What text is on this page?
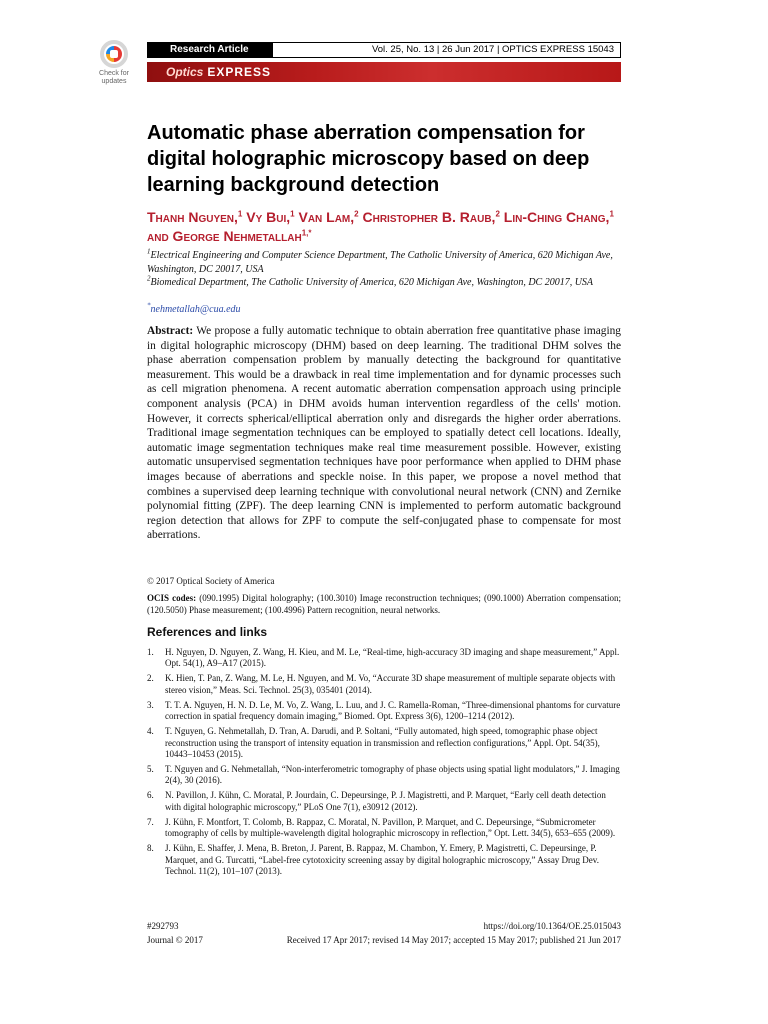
Check for
updates
Research Article	Vol. 25, No. 13 | 26 Jun 2017 | OPTICS EXPRESS 15043
Optics EXPRESS
Automatic phase aberration compensation for digital holographic microscopy based on deep learning background detection
Thanh Nguyen,$^1$ Vy Bui,$^1$ Van Lam,$^2$ Christopher B. Raub,$^2$ Lin-Ching Chang,$^1$ and George Nehmetallah$^{1,*}$
$^1$Electrical Engineering and Computer Science Department, The Catholic University of America, 620 Michigan Ave, Washington, DC 20017, USA
$^2$Biomedical Department, The Catholic University of America, 620 Michigan Ave, Washington, DC 20017, USA
*nehmetallah@cua.edu

Abstract: We propose a fully automatic technique to obtain aberration free quantitative phase imaging in digital holographic microscopy (DHM) based on deep learning. The traditional DHM solves the phase aberration compensation problem by manually detecting the background for quantitative measurement. This would be a drawback in real time implementation and for dynamic processes such as cell migration phenomena. A recent automatic aberration compensation approach using principle component analysis (PCA) in DHM avoids human intervention regardless of the cells' motion. However, it corrects spherical/elliptical aberration only and disregards the higher order aberrations. Traditional image segmentation techniques can be employed to spatially detect cell locations. Ideally, automatic image segmentation techniques make real time measurement possible. However, existing automatic unsupervised segmentation techniques have poor performance when applied to DHM phase images because of aberrations and speckle noise. In this paper, we propose a novel method that combines a supervised deep learning technique with convolutional neural network (CNN) and Zernike polynomial fitting (ZPF). The deep learning CNN is implemented to perform automatic background region detection that allows for ZPF to compute the self-conjugated phase to compensate for most aberrations.

© 2017 Optical Society of America
OCIS codes: (090.1995) Digital holography; (100.3010) Image reconstruction techniques; (090.1000) Aberration compensation; (120.5050) Phase measurement; (100.4996) Pattern recognition, neural networks.
References and links
1. H. Nguyen, D. Nguyen, Z. Wang, H. Kieu, and M. Le, “Real-time, high-accuracy 3D imaging and shape measurement,” Appl. Opt. 54(1), A9–A17 (2015).
2. K. Hien, T. Pan, Z. Wang, M. Le, H. Nguyen, and M. Vo, “Accurate 3D shape measurement of multiple separate objects with stereo vision,” Meas. Sci. Technol. 25(3), 035401 (2014).
3. T. T. A. Nguyen, H. N. D. Le, M. Vo, Z. Wang, L. Luu, and J. C. Ramella-Roman, “Three-dimensional phantoms for curvature correction in spatial frequency domain imaging,” Biomed. Opt. Express 3(6), 1200–1214 (2012).
4. T. Nguyen, G. Nehmetallah, D. Tran, A. Darudi, and P. Soltani, “Fully automated, high speed, tomographic phase object reconstruction using the transport of intensity equation in transmission and reflection configurations,” Appl. Opt. 54(35), 10443–10453 (2015).
5. T. Nguyen and G. Nehmetallah, “Non-interferometric tomography of phase objects using spatial light modulators,” J. Imaging 2(4), 30 (2016).
6. N. Pavillon, J. Kühn, C. Moratal, P. Jourdain, C. Depeursinge, P. J. Magistretti, and P. Marquet, “Early cell death detection with digital holographic microscopy,” PLoS One 7(1), e30912 (2012).
7. J. Kühn, F. Montfort, T. Colomb, B. Rappaz, C. Moratal, N. Pavillon, P. Marquet, and C. Depeursinge, “Submicrometer tomography of cells by multiple-wavelength digital holographic microscopy in reflection,” Opt. Lett. 34(5), 653–655 (2009).
8. J. Kühn, E. Shaffer, J. Mena, B. Breton, J. Parent, B. Rappaz, M. Chambon, Y. Emery, P. Magistretti, C. Depeursinge, P. Marquet, and G. Turcatti, “Label-free cytotoxicity screening assay by digital holographic microscopy,” Assay Drug Dev. Technol. 11(2), 101–107 (2013).
#292793	https://doi.org/10.1364/OE.25.015043
Journal © 2017	Received 17 Apr 2017; revised 14 May 2017; accepted 15 May 2017; published 21 Jun 2017
